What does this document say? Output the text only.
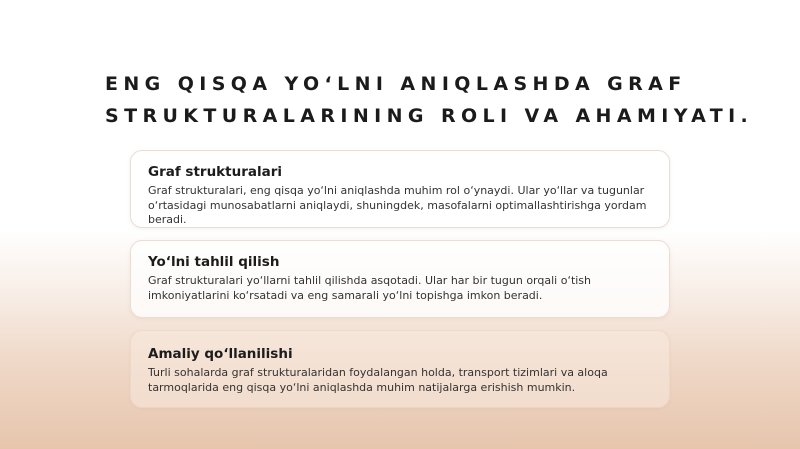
ENG QISQA YO‘LNI ANIQLASHDA GRAF STRUKTURALARINING ROLI VA AHAMIYATI.
Graf strukturalari

Graf strukturalari, eng qisqa yo‘lni aniqlashda muhim rol o‘ynaydi. Ular yo‘llar va tugunlar o‘rtasidagi munosabatlarni aniqlaydi, shuningdek, masofalarni optimallashtirishga yordam beradi.

Yo‘lni tahlil qilish

Graf strukturalari yo‘llarni tahlil qilishda asqotadi. Ular har bir tugun orqali o‘tish imkoniyatlarini ko‘rsatadi va eng samarali yo‘lni topishga imkon beradi.

Amaliy qo‘llanilishi

Turli sohalarda graf strukturalaridan foydalangan holda, transport tizimlari va aloqa tarmoqlarida eng qisqa yo‘lni aniqlashda muhim natijalarga erishish mumkin.
